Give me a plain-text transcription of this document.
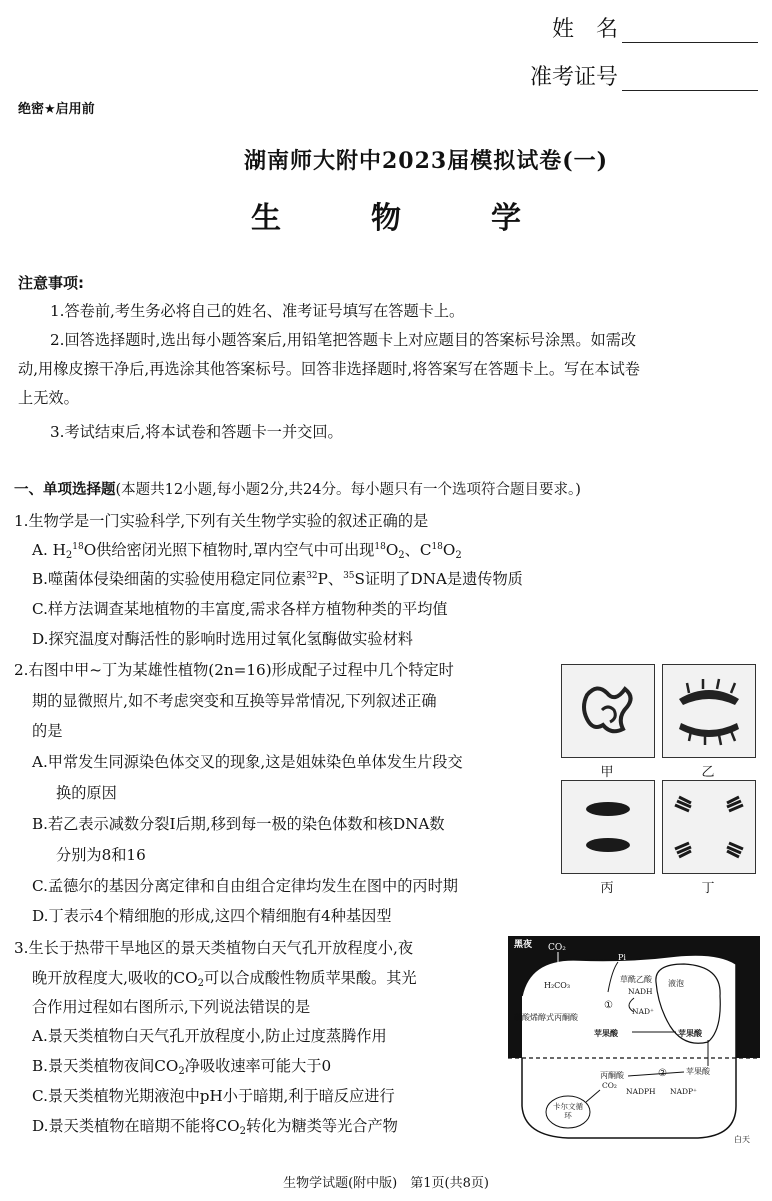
姓　名
准考证号
绝密★启用前
湖南师大附中2023届模拟试卷(一)
生　物　学
注意事项:
1.答卷前,考生务必将自己的姓名、准考证号填写在答题卡上。
2.回答选择题时,选出每小题答案后,用铅笔把答题卡上对应题目的答案标号涂黑。如需改
动,用橡皮擦干净后,再选涂其他答案标号。回答非选择题时,将答案写在答题卡上。写在本试卷
上无效。
3.考试结束后,将本试卷和答题卡一并交回。
一、单项选择题(本题共12小题,每小题2分,共24分。每小题只有一个选项符合题目要求。)
1.生物学是一门实验科学,下列有关生物学实验的叙述正确的是
A. $H_2^{18}O$供给密闭光照下植物时,罩内空气中可出现$^{18}O_2$、$C^{18}O_2$
B.噬菌体侵染细菌的实验使用稳定同位素$^{32}$P、$^{35}$S证明了DNA是遗传物质
C.样方法调查某地植物的丰富度,需求各样方植物种类的平均值
D.探究温度对酶活性的影响时选用过氧化氢酶做实验材料
2.右图中甲~丁为某雄性植物(2n=16)形成配子过程中几个特定时
期的显微照片,如不考虑突变和互换等异常情况,下列叙述正确
的是
A.甲常发生同源染色体交叉的现象,这是姐妹染色单体发生片段交
换的原因
B.若乙表示减数分裂Ⅰ后期,移到每一极的染色体数和核DNA数
分别为8和16
C.孟德尔的基因分离定律和自由组合定律均发生在图中的丙时期
D.丁表示4个精细胞的形成,这四个精细胞有4种基因型
甲	乙
丙	丁
3.生长于热带干旱地区的景天类植物白天气孔开放程度小,夜
晚开放程度大,吸收的$CO_2$可以合成酸性物质苹果酸。其光
合作用过程如右图所示,下列说法错误的是
A.景天类植物白天气孔开放程度小,防止过度蒸腾作用
B.景天类植物夜间$CO_2$净吸收速率可能大于0
C.景天类植物光期液泡中pH小于暗期,利于暗反应进行
D.景天类植物在暗期不能将$CO_2$转化为糖类等光合产物
黑夜 CO₂
H₂CO₃
Pi
磷酸烯醇式丙酮酸
①
草酰乙酸
NADH
NAD⁺
苹果酸
液泡
苹果酸
苹果酸
丙酮酸
CO₂
NADPH NADP⁺
卡尔文循环
白天
生物学试题(附中版)　第1页(共8页)
